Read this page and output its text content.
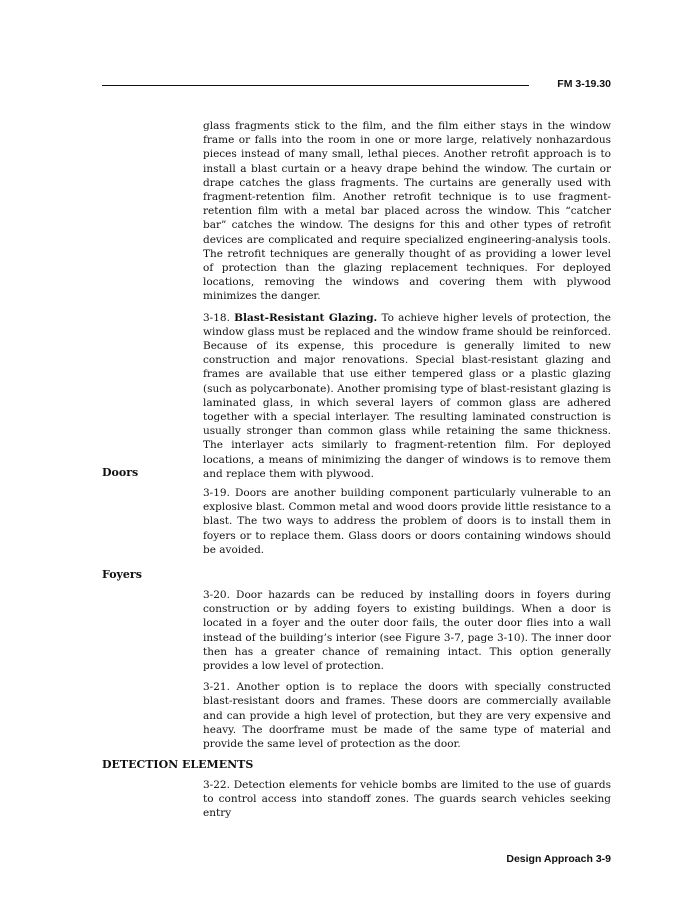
FM 3-19.30

glass fragments stick to the film, and the film either stays in the window frame or falls into the room in one or more large, relatively nonhazardous pieces instead of many small, lethal pieces. Another retrofit approach is to install a blast curtain or a heavy drape behind the window. The curtain or drape catches the glass fragments. The curtains are generally used with fragment-retention film. Another retrofit technique is to use fragment-retention film with a metal bar placed across the window. This “catcher bar” catches the window. The designs for this and other types of retrofit devices are complicated and require specialized engineering-analysis tools. The retrofit techniques are generally thought of as providing a lower level of protection than the glazing replacement techniques. For deployed locations, removing the windows and covering them with plywood minimizes the danger.

3-18. Blast-Resistant Glazing. To achieve higher levels of protection, the window glass must be replaced and the window frame should be reinforced. Because of its expense, this procedure is generally limited to new construction and major renovations. Special blast-resistant glazing and frames are available that use either tempered glass or a plastic glazing (such as polycarbonate). Another promising type of blast-resistant glazing is laminated glass, in which several layers of common glass are adhered together with a special interlayer. The resulting laminated construction is usually stronger than common glass while retaining the same thickness. The interlayer acts similarly to fragment-retention film. For deployed locations, a means of minimizing the danger of windows is to remove them and replace them with plywood.

Doors

3-19. Doors are another building component particularly vulnerable to an explosive blast. Common metal and wood doors provide little resistance to a blast. The two ways to address the problem of doors is to install them in foyers or to replace them. Glass doors or doors containing windows should be avoided.

Foyers

3-20. Door hazards can be reduced by installing doors in foyers during construction or by adding foyers to existing buildings. When a door is located in a foyer and the outer door fails, the outer door flies into a wall instead of the building’s interior (see Figure 3-7, page 3-10). The inner door then has a greater chance of remaining intact. This option generally provides a low level of protection.

3-21. Another option is to replace the doors with specially constructed blast-resistant doors and frames. These doors are commercially available and can provide a high level of protection, but they are very expensive and heavy. The doorframe must be made of the same type of material and provide the same level of protection as the door.

DETECTION ELEMENTS

3-22. Detection elements for vehicle bombs are limited to the use of guards to control access into standoff zones. The guards search vehicles seeking entry

Design Approach 3-9
